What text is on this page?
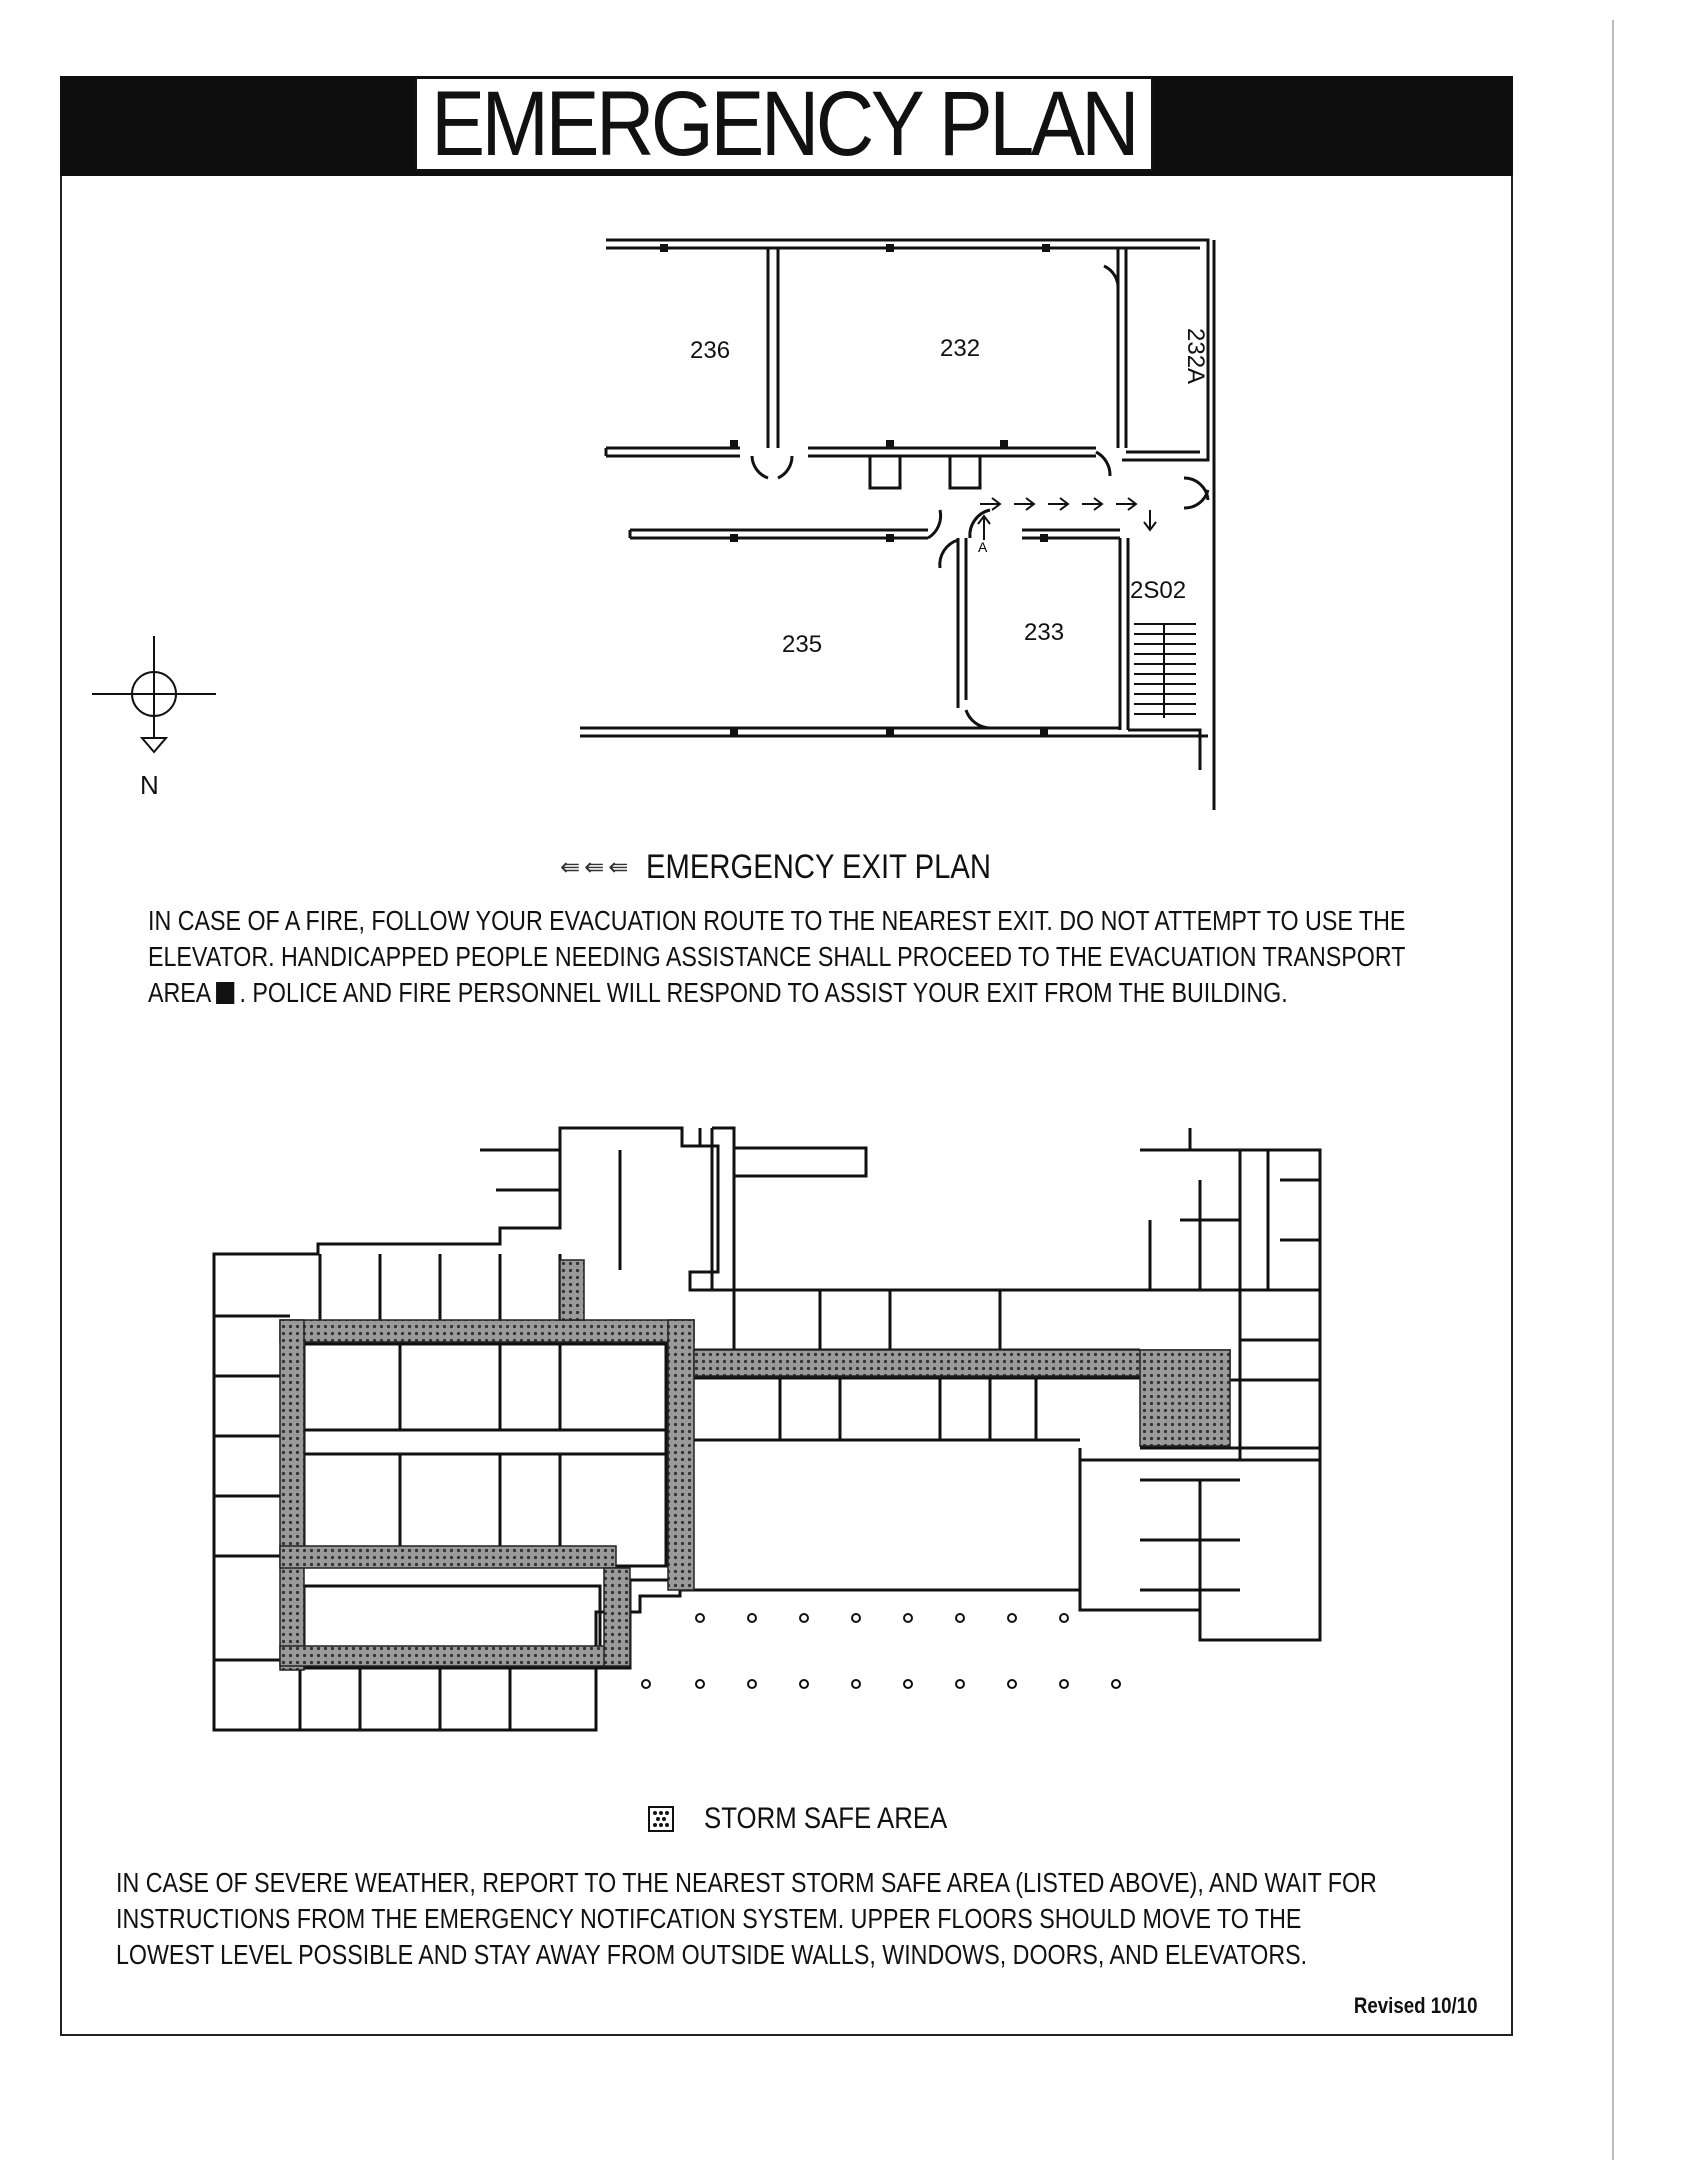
EMERGENCY PLAN
236	232	232A
235	233
2S02
A
N
⇚⇚⇚ EMERGENCY EXIT PLAN
IN CASE OF A FIRE, FOLLOW YOUR EVACUATION ROUTE TO THE NEAREST EXIT. DO NOT ATTEMPT TO USE THE
ELEVATOR. HANDICAPPED PEOPLE NEEDING ASSISTANCE SHALL PROCEED TO THE EVACUATION TRANSPORT
AREA . POLICE AND FIRE PERSONNEL WILL RESPOND TO ASSIST YOUR EXIT FROM THE BUILDING.
STORM SAFE AREA
IN CASE OF SEVERE WEATHER, REPORT TO THE NEAREST STORM SAFE AREA (LISTED ABOVE), AND WAIT FOR
INSTRUCTIONS FROM THE EMERGENCY NOTIFCATION SYSTEM. UPPER FLOORS SHOULD MOVE TO THE
LOWEST LEVEL POSSIBLE AND STAY AWAY FROM OUTSIDE WALLS, WINDOWS, DOORS, AND ELEVATORS.
Revised 10/10
